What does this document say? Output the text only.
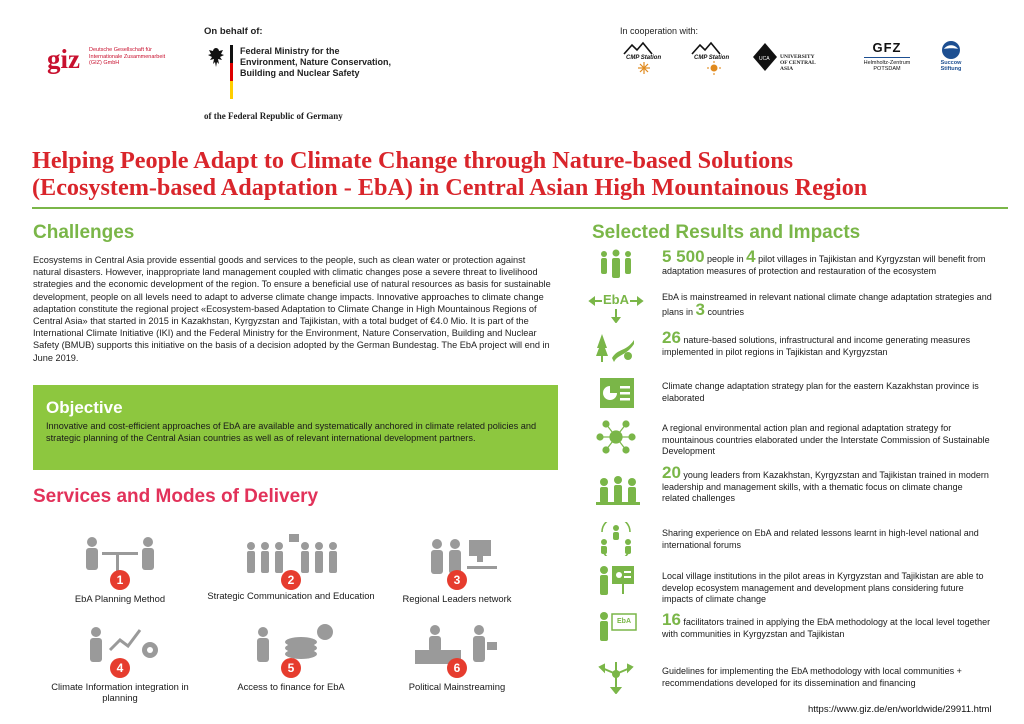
giz Deutsche Gesellschaft für Internationale Zusammenarbeit (GIZ) GmbH
On behalf of:
Federal Ministry for the
Environment, Nature Conservation,
Building and Nuclear Safety
of the Federal Republic of Germany
In cooperation with:
CMP Station	CMP Station	UCA UNIVERSITY OF CENTRAL ASIA
GFZ
Helmholtz-Zentrum POTSDAM
Succow Stiftung
Helping People Adapt to Climate Change through Nature-based Solutions
(Ecosystem-based Adaptation - EbA) in Central Asian High Mountainous Region
Challenges
Ecosystems in Central Asia provide essential goods and services to the people, such as clean water or protection against natural disasters. However, inappropriate land management coupled with climatic changes pose a severe threat to livelihood strategies and the economic development of the region. To ensure a beneficial use of natural resources as basis for sustainable development, people on all levels need to adapt to adverse climate change impacts. Innovative approaches to climate change adaptation constitute the regional project «Ecosystem-based Adaptation to Climate Change in High Mountainous Regions of Central Asia» that started in 2015 in Kazakhstan, Kyrgyzstan and Tajikistan, with a total budget of €4.0 Mio. It is part of the International Climate Initiative (IKI) and the Federal Ministry for the Environment, Nature Conservation, Building and Nuclear Safety (BMUB) supports this initiative on the basis of a decision adopted by the German Bundestag. The EbA project will end in June 2019.
Objective
Innovative and cost-efficient approaches of EbA are available and systematically anchored in climate related policies and strategic planning of the Central Asian countries as well as of relevant international development partners.
Services and Modes of Delivery
1
EbA Planning Method
2
Strategic Communication and Education
3
Regional Leaders network
4
Climate Information integration in planning
5
Access to finance for EbA
6
Political Mainstreaming
Selected Results and Impacts
5 500 people in 4 pilot villages in Tajikistan and Kyrgyzstan will benefit from adaptation measures of protection and restauration of the ecosystem
EbA	EbA is mainstreamed in relevant national climate change adaptation strategies and plans in 3 countries
26 nature-based solutions, infrastructural and income generating measures implemented in pilot regions in Tajikistan and Kyrgyzstan
Climate change adaptation strategy plan for the eastern Kazakhstan province is elaborated
A regional environmental action plan and regional adaptation strategy for mountainous countries elaborated under the Interstate Commission of Sustainable Development
20 young leaders from Kazakhstan, Kyrgyzstan and Tajikistan trained in modern leadership and management skills, with a thematic focus on climate change related challenges
Sharing experience on EbA and related lessons learnt in high-level national and international forums
Local village institutions in the pilot areas in Kyrgyzstan and Tajikistan are able to develop ecosystem management and development plans considering future impacts of climate change
EbA 16 facilitators trained in applying the EbA methodology at the local level together with communities in Kyrgyzstan and Tajikistan
Guidelines for implementing the EbA methodology with local communities + recommendations developed for its dissemination and financing
https://www.giz.de/en/worldwide/29911.html
